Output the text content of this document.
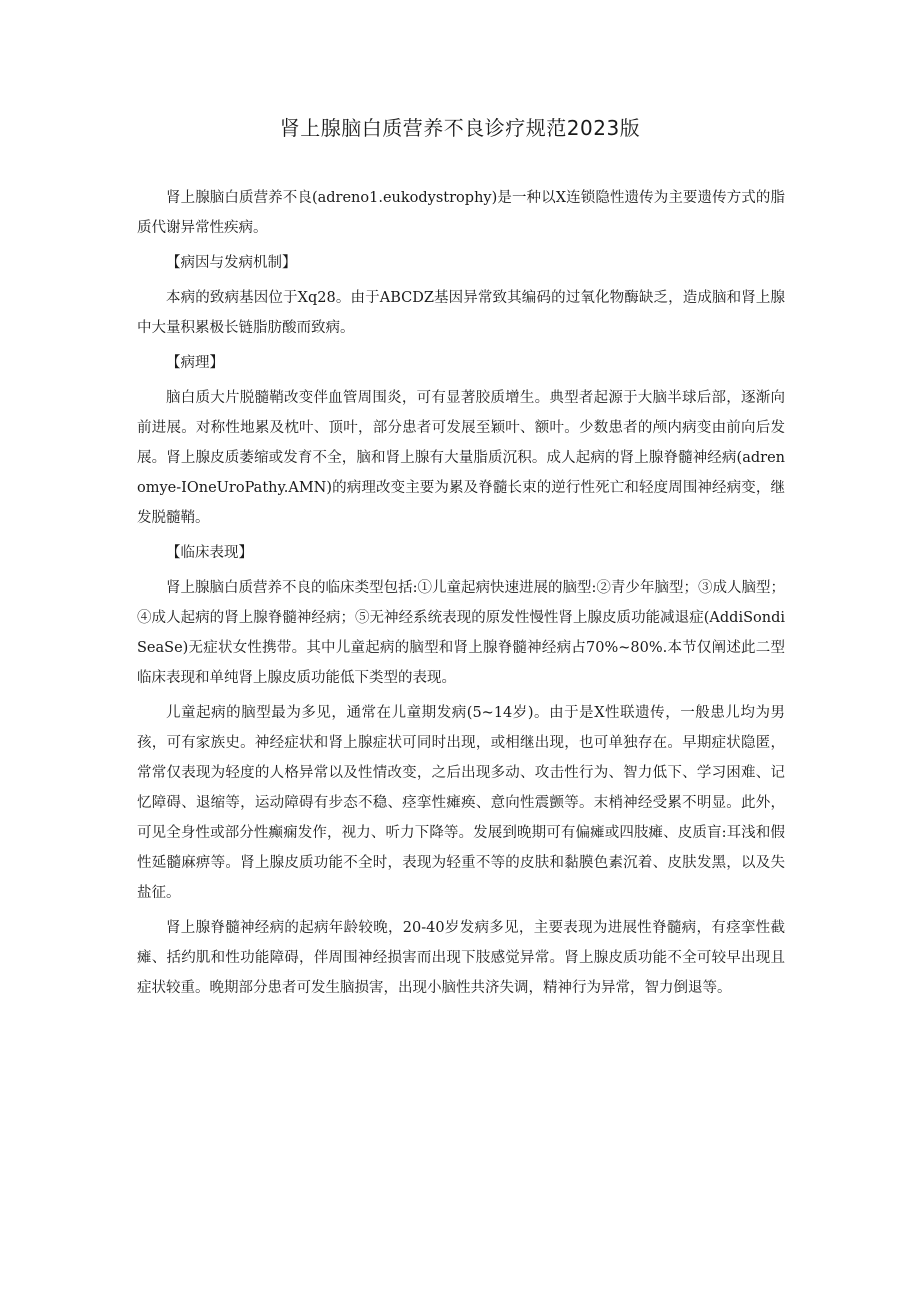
肾上腺脑白质营养不良诊疗规范2023版

肾上腺脑白质营养不良(adreno1.eukodystrophy)是一种以X连锁隐性遗传为主要遗传方式的脂质代谢异常性疾病。

【病因与发病机制】

本病的致病基因位于Xq28。由于ABCDZ基因异常致其编码的过氧化物酶缺乏，造成脑和肾上腺中大量积累极长链脂肪酸而致病。

【病理】

脑白质大片脱髓鞘改变伴血管周围炎，可有显著胶质增生。典型者起源于大脑半球后部，逐渐向前进展。对称性地累及枕叶、顶叶，部分患者可发展至颖叶、额叶。少数患者的颅内病变由前向后发展。肾上腺皮质萎缩或发育不全，脑和肾上腺有大量脂质沉积。成人起病的肾上腺脊髓神经病(adrenomye-IOneUroPathy.AMN)的病理改变主要为累及脊髓长束的逆行性死亡和轻度周围神经病变，继发脱髓鞘。

【临床表现】

肾上腺脑白质营养不良的临床类型包括:①儿童起病快速进展的脑型:②青少年脑型；③成人脑型；④成人起病的肾上腺脊髓神经病；⑤无神经系统表现的原发性慢性肾上腺皮质功能减退症(AddiSondiSeaSe)无症状女性携带。其中儿童起病的脑型和肾上腺脊髓神经病占70%~80%.本节仅阐述此二型临床表现和单纯肾上腺皮质功能低下类型的表现。

儿童起病的脑型最为多见，通常在儿童期发病(5~14岁)。由于是X性联遗传，一般患儿均为男孩，可有家族史。神经症状和肾上腺症状可同时出现，或相继出现，也可单独存在。早期症状隐匿，常常仅表现为轻度的人格异常以及性情改变，之后出现多动、攻击性行为、智力低下、学习困难、记忆障碍、退缩等，运动障碍有步态不稳、痉挛性瘫痪、意向性震颤等。末梢神经受累不明显。此外，可见全身性或部分性癫痫发作，视力、听力下降等。发展到晚期可有偏瘫或四肢瘫、皮质盲:耳浅和假性延髓麻痹等。肾上腺皮质功能不全时，表现为轻重不等的皮肤和黏膜色素沉着、皮肤发黑，以及失盐征。

肾上腺脊髓神经病的起病年龄较晚，20-40岁发病多见，主要表现为进展性脊髓病，有痉挛性截瘫、括约肌和性功能障碍，伴周围神经损害而出现下肢感觉异常。肾上腺皮质功能不全可较早出现且症状较重。晚期部分患者可发生脑损害，出现小脑性共济失调，精神行为异常，智力倒退等。
